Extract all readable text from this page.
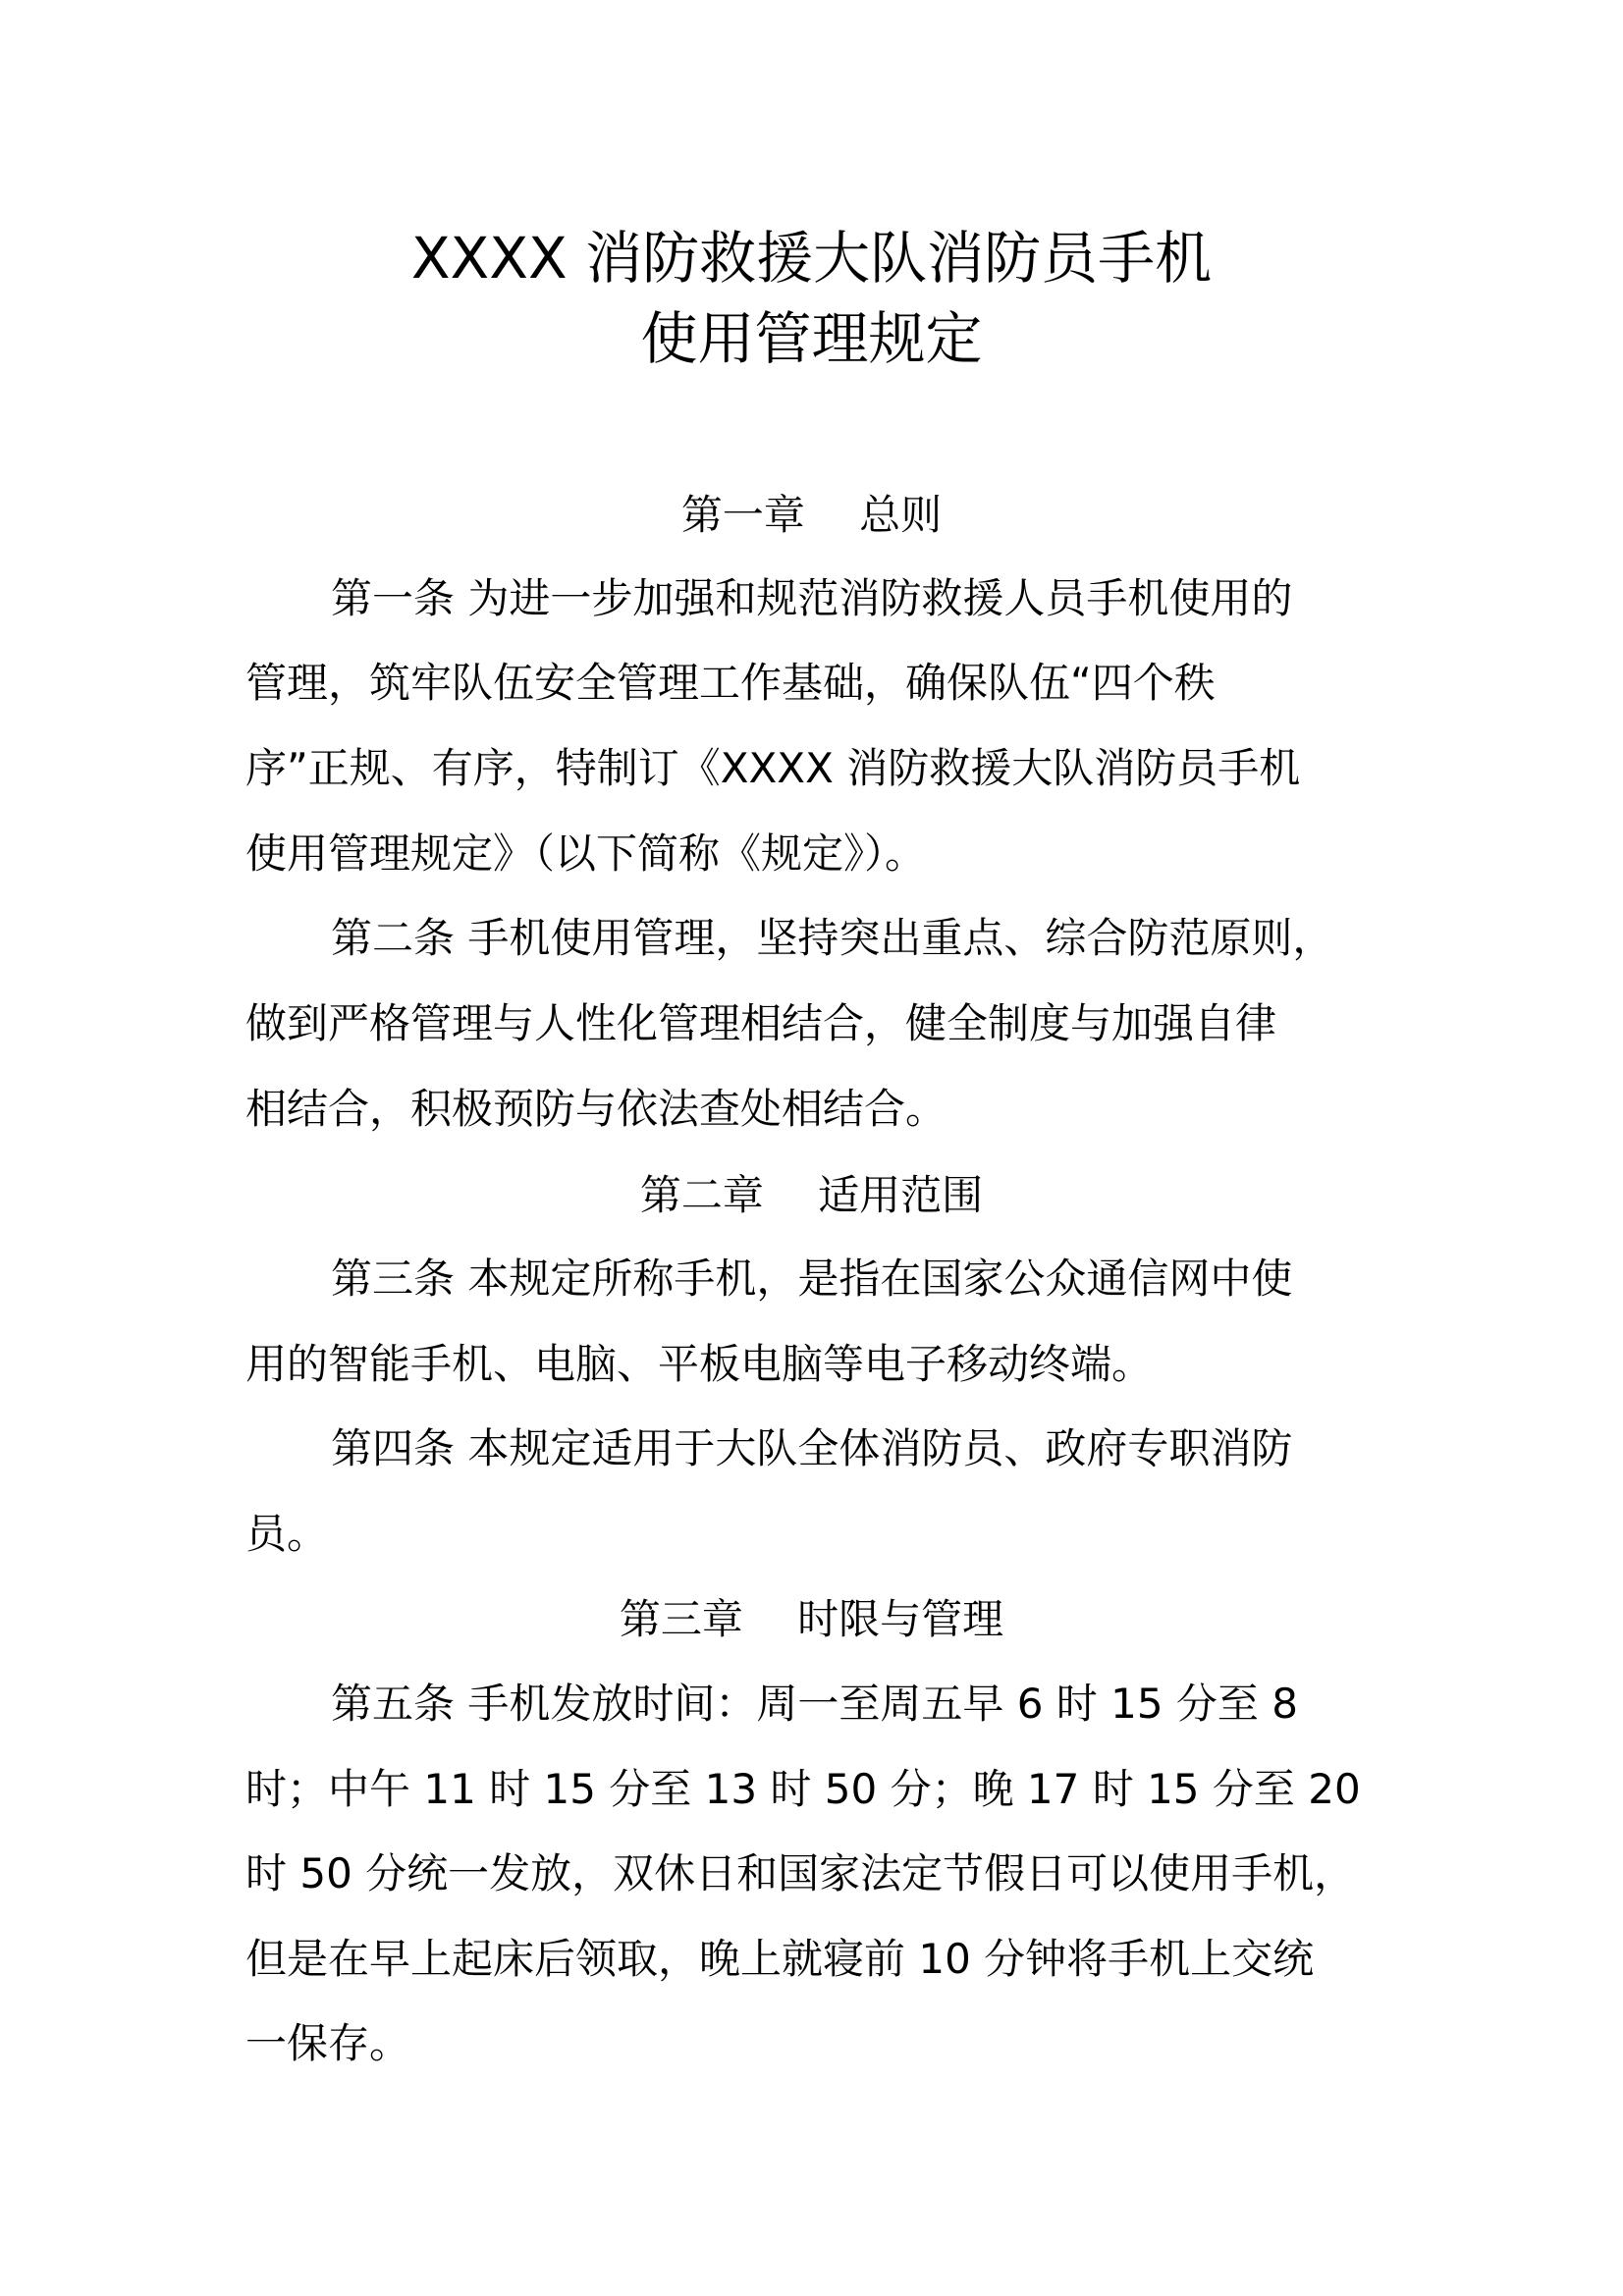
XXXX 消防救援大队消防员手机
使用管理规定
第一章　 总则
第一条 为进一步加强和规范消防救援人员手机使用的
管理，筑牢队伍安全管理工作基础，确保队伍“四个秩
序”正规、有序，特制订《XXXX 消防救援大队消防员手机
使用管理规定》（以下简称《规定》）。
第二条 手机使用管理，坚持突出重点、综合防范原则，
做到严格管理与人性化管理相结合，健全制度与加强自律
相结合，积极预防与依法查处相结合。
第二章　 适用范围
第三条 本规定所称手机，是指在国家公众通信网中使
用的智能手机、电脑、平板电脑等电子移动终端。
第四条 本规定适用于大队全体消防员、政府专职消防
员。
第三章　 时限与管理
第五条 手机发放时间：周一至周五早 6 时 15 分至 8
时；中午 11 时 15 分至 13 时 50 分；晚 17 时 15 分至 20
时 50 分统一发放，双休日和国家法定节假日可以使用手机，
但是在早上起床后领取，晚上就寝前 10 分钟将手机上交统
一保存。
